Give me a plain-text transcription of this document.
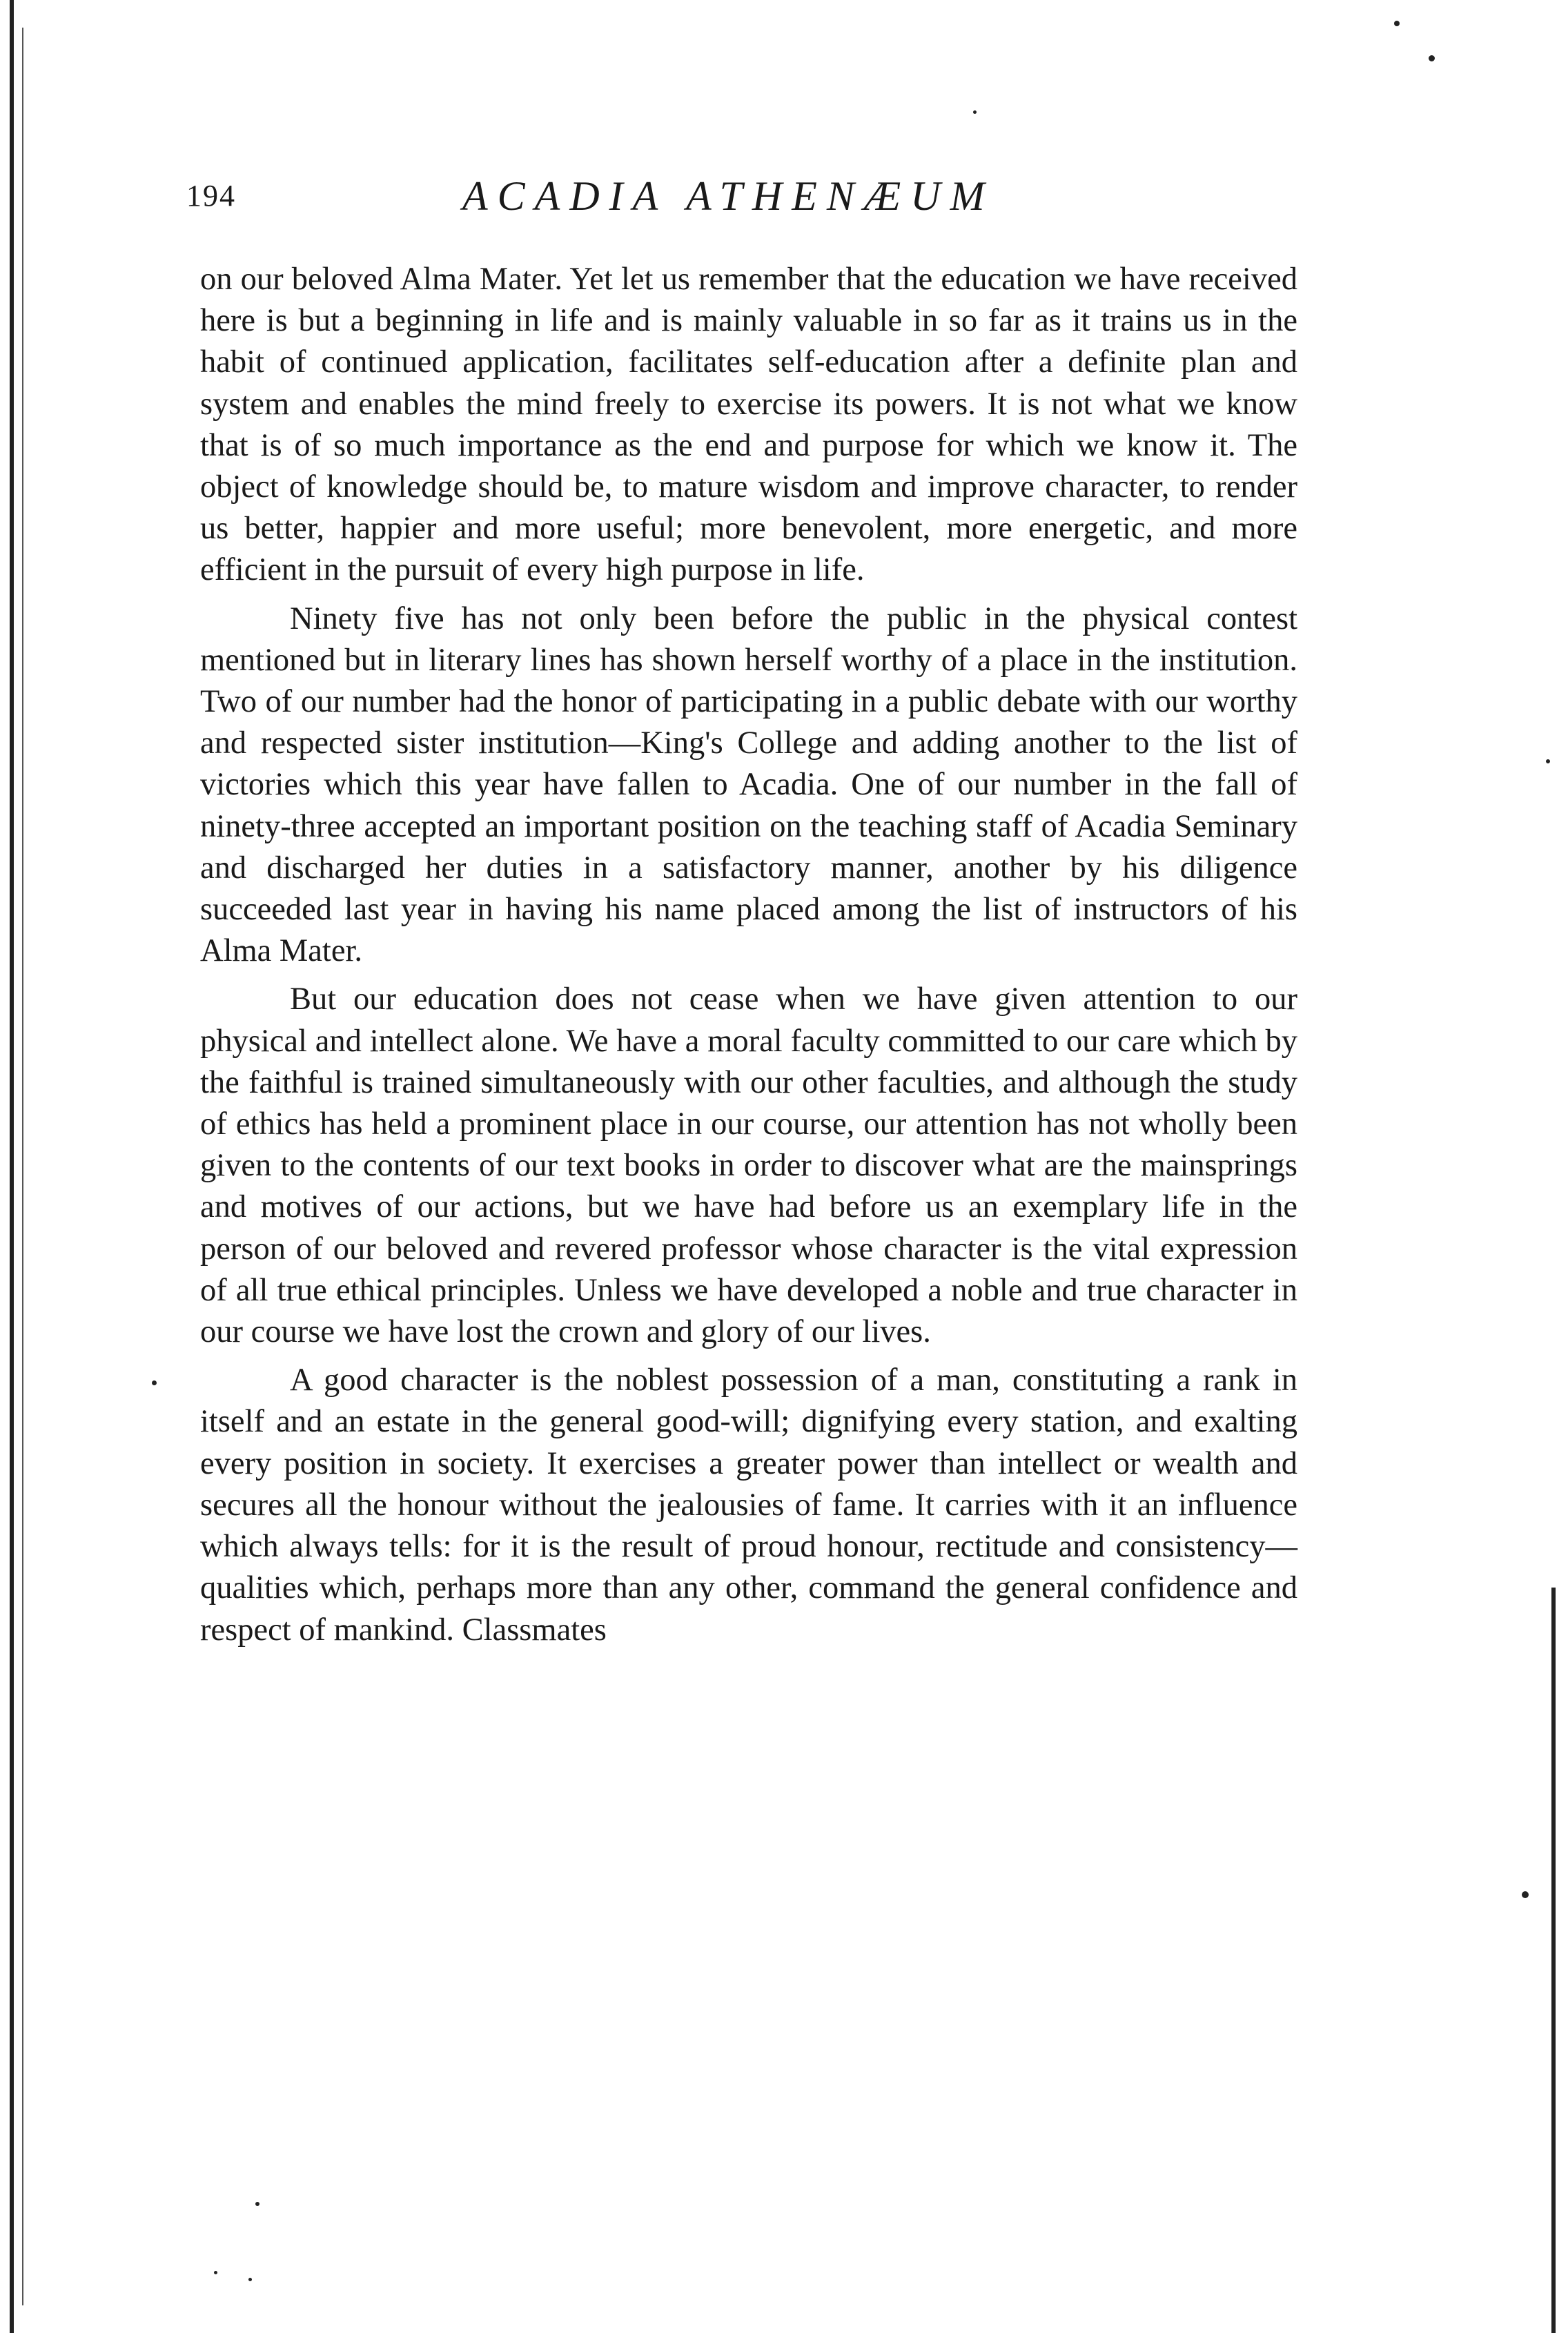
194	ACADIA ATHENÆUM

on our beloved Alma Mater. Yet let us remember that the education we have received here is but a beginning in life and is mainly valuable in so far as it trains us in the habit of continued application, facilitates self-education after a definite plan and system and enables the mind freely to exercise its powers. It is not what we know that is of so much importance as the end and purpose for which we know it. The object of knowledge should be, to mature wisdom and improve character, to render us better, happier and more useful; more benevolent, more energetic, and more efficient in the pursuit of every high purpose in life.

Ninety five has not only been before the public in the physical contest mentioned but in literary lines has shown herself worthy of a place in the institution. Two of our number had the honor of participating in a public debate with our worthy and respected sister institution—King's College and adding another to the list of victories which this year have fallen to Acadia. One of our number in the fall of ninety-three accepted an important position on the teaching staff of Acadia Seminary and discharged her duties in a satisfactory manner, another by his diligence succeeded last year in having his name placed among the list of instructors of his Alma Mater.

But our education does not cease when we have given attention to our physical and intellect alone. We have a moral faculty committed to our care which by the faithful is trained simultaneously with our other faculties, and although the study of ethics has held a prominent place in our course, our attention has not wholly been given to the contents of our text books in order to discover what are the mainsprings and motives of our actions, but we have had before us an exemplary life in the person of our beloved and revered professor whose character is the vital expression of all true ethical principles. Unless we have developed a noble and true character in our course we have lost the crown and glory of our lives.

A good character is the noblest possession of a man, constituting a rank in itself and an estate in the general good-will; dignifying every station, and exalting every position in society. It exercises a greater power than intellect or wealth and secures all the honour without the jealousies of fame. It carries with it an influence which always tells: for it is the result of proud honour, rectitude and consistency—qualities which, perhaps more than any other, command the general confidence and respect of mankind. Classmates
